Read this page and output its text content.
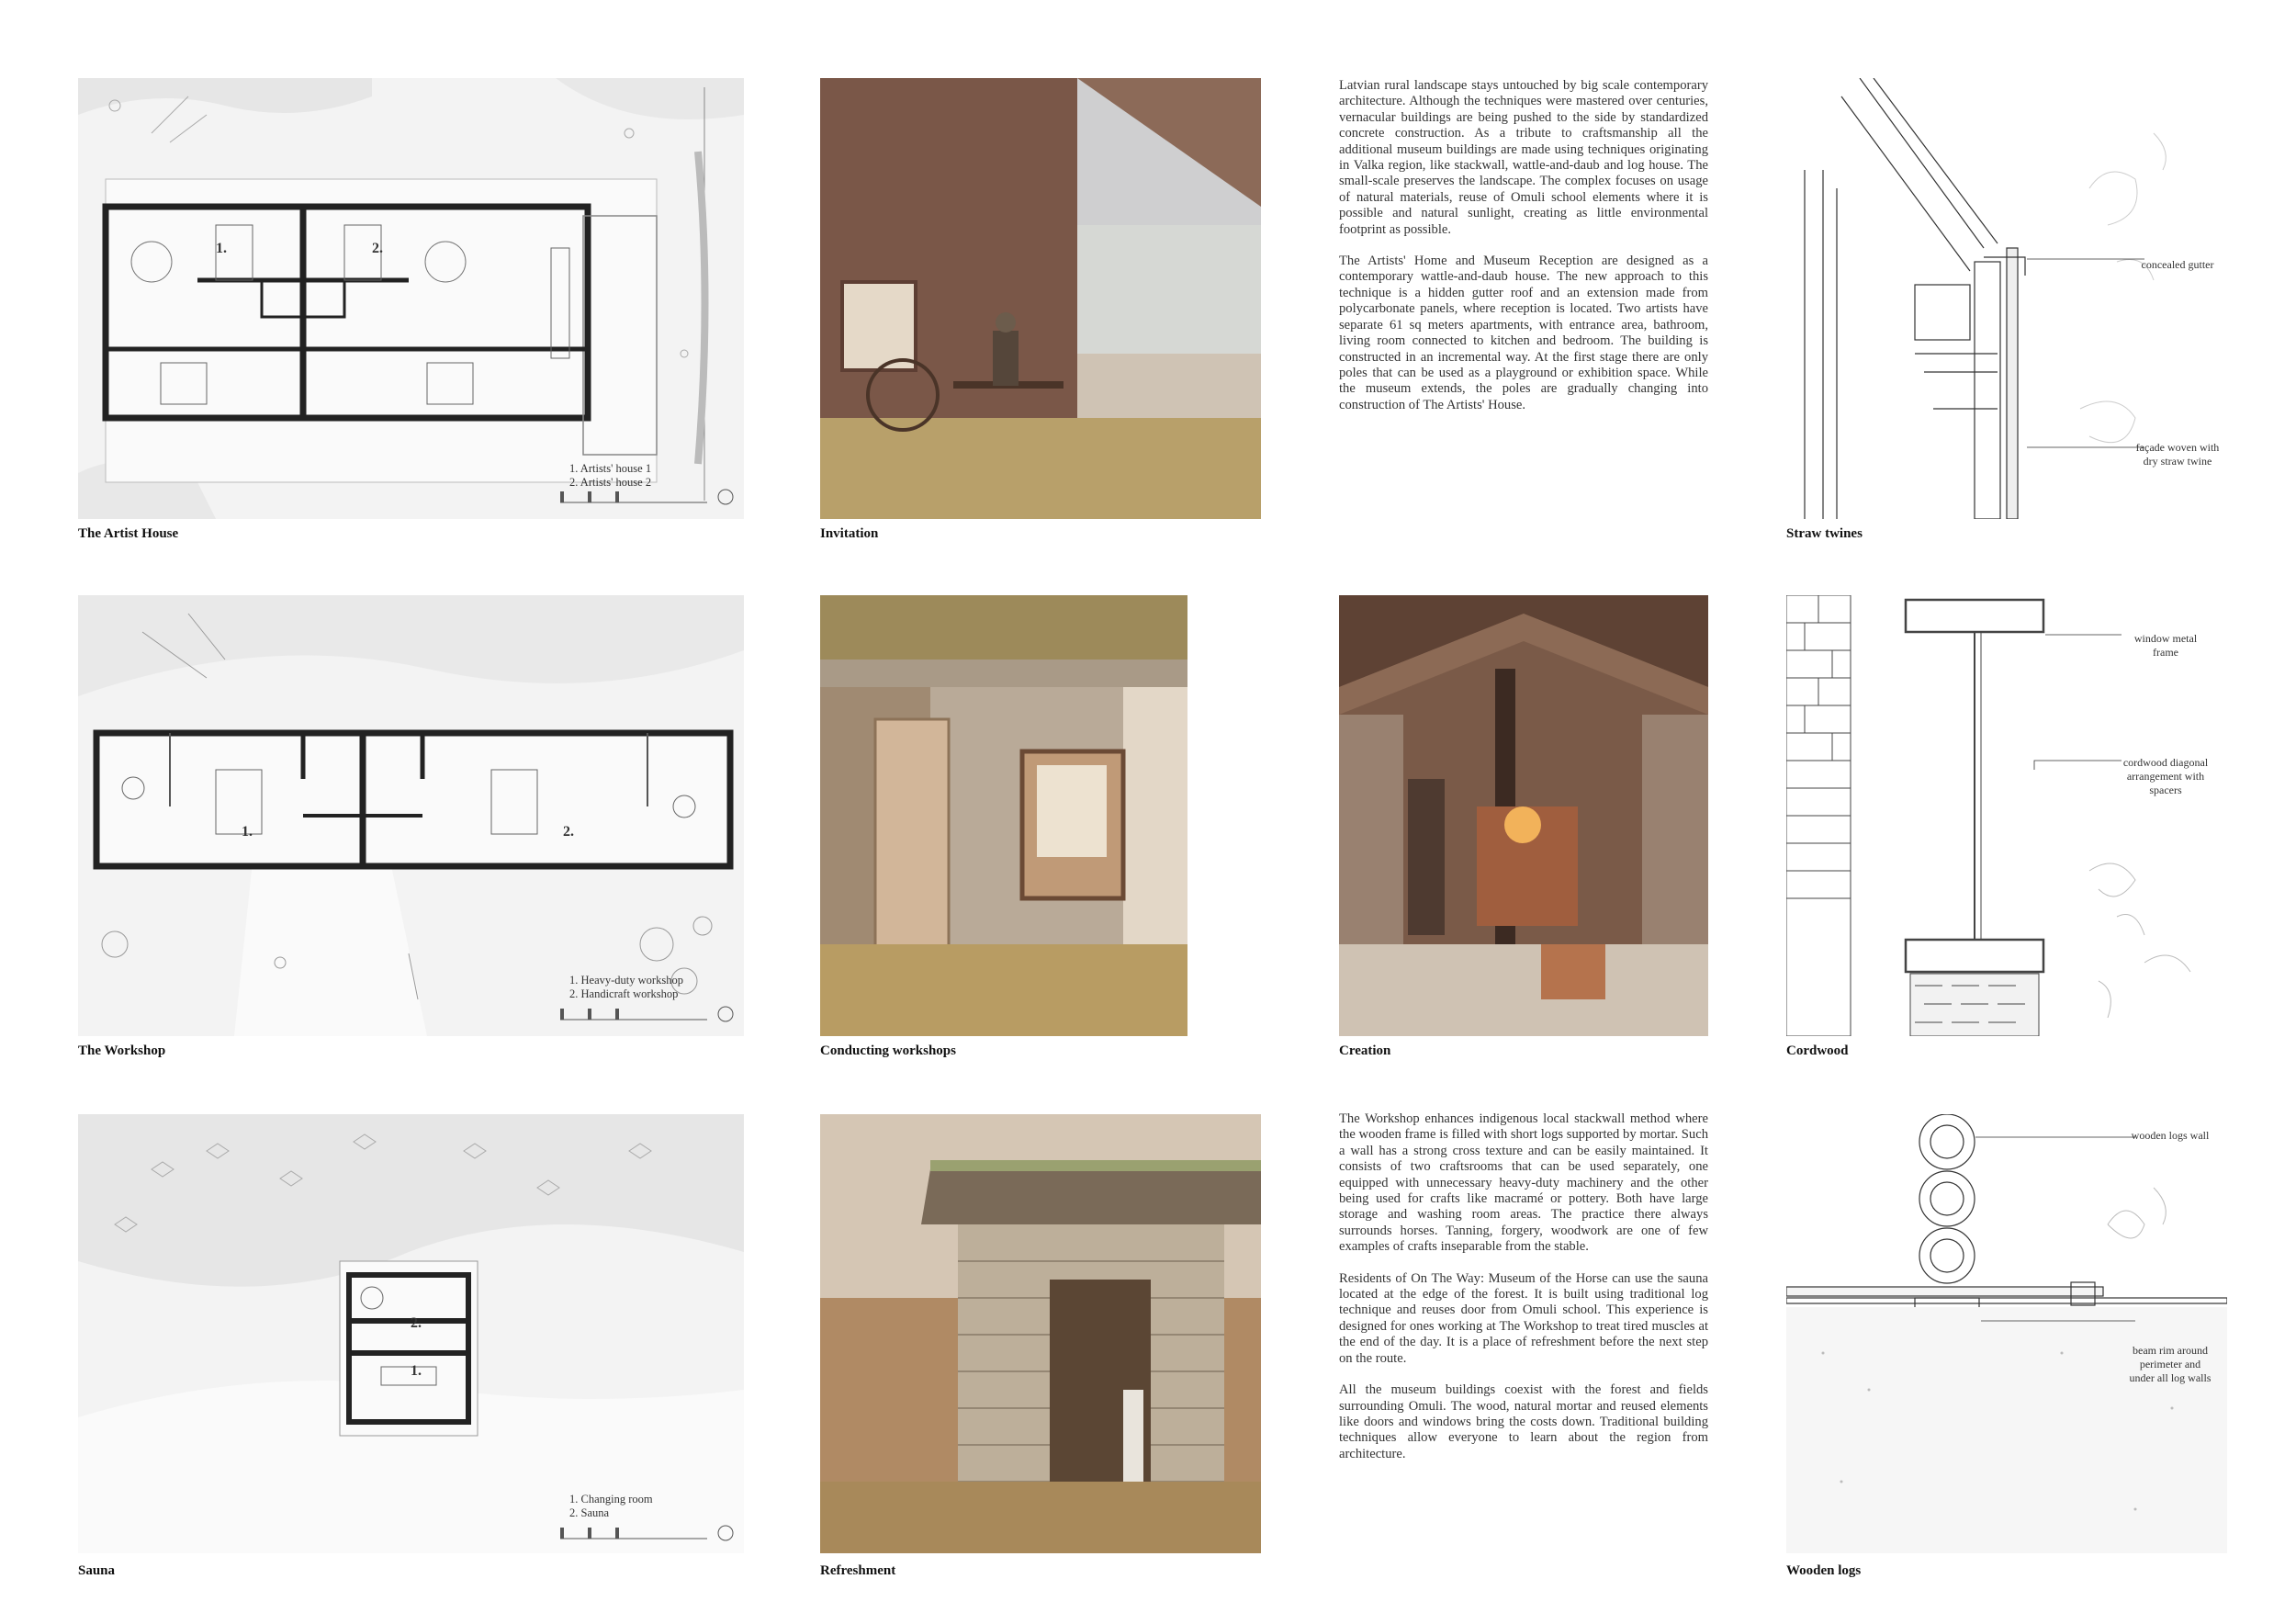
1.	2.
1. Artists' house 1
2. Artists' house 2
The Artist House	Invitation

Latvian rural landscape stays untouched by big scale contemporary architecture. Although the techniques were mastered over centuries, vernacular buildings are being pushed to the side by standardized concrete construction. As a tribute to craftsmanship all the additional museum buildings are made using techniques originating in Valka region, like stackwall, wattle-and-daub and log house. The small-scale preserves the landscape. The complex focuses on usage of natural materials, reuse of Omuli school elements where it is possible and natural sunlight, creating as little environmental footprint as possible.

The Artists' Home and Museum Reception are designed as a contemporary wattle-and-daub house. The new approach to this technique is a hidden gutter roof and an extension made from polycarbonate panels, where reception is located. Two artists have separate 61 sq meters apartments, with entrance area, bathroom, living room connected to kitchen and bedroom. The building is constructed in an incremental way. At the first stage there are only poles that can be used as a playground or exhibition space. While the museum extends, the poles are gradually changing into construction of The Artists' House.

concealed gutter
façade woven with dry straw twine
Straw twines
1.	2.
1. Heavy-duty workshop
2. Handicraft workshop
The Workshop	Conducting workshops	Creation
window metal frame
cordwood diagonal arrangement with spacers
Cordwood
2.
1.
1. Changing room
2. Sauna
Sauna	Refreshment

The Workshop enhances indigenous local stackwall method where the wooden frame is filled with short logs supported by mortar. Such a wall has a strong cross texture and can be easily maintained. It consists of two craftsrooms that can be used separately, one equipped with unnecessary heavy-duty machinery and the other being used for crafts like macramé or pottery. Both have large storage and washing room areas. The practice there always surrounds horses. Tanning, forgery, woodwork are one of few examples of crafts inseparable from the stable.

Residents of On The Way: Museum of the Horse can use the sauna located at the edge of the forest. It is built using traditional log technique and reuses door from Omuli school. This experience is designed for ones working at The Workshop to treat tired muscles at the end of the day. It is a place of refreshment before the next step on the route.

All the museum buildings coexist with the forest and fields surrounding Omuli. The wood, natural mortar and reused elements like doors and windows bring the costs down. Traditional building techniques allow everyone to learn about the region from architecture.

wooden logs wall
beam rim around perimeter and under all log walls
Wooden logs
